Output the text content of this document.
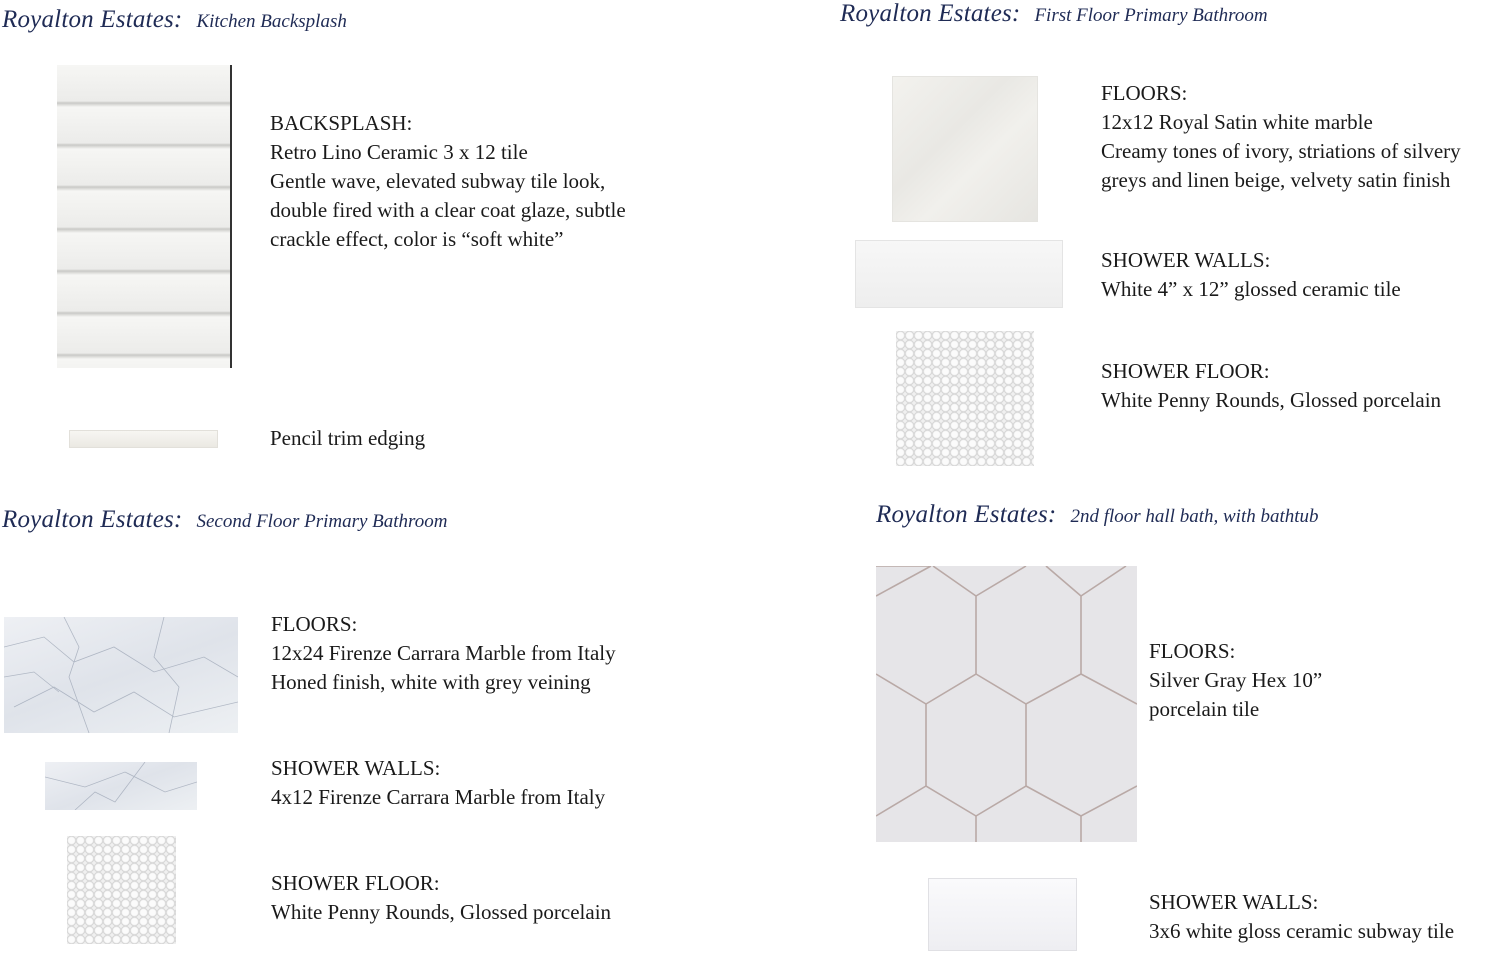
Royalton Estates: Kitchen Backsplash
BACKSPLASH:
Retro Lino Ceramic 3 x 12 tile
Gentle wave, elevated subway tile look,
double fired with a clear coat glaze, subtle
crackle effect, color is “soft white”
Pencil trim edging
Royalton Estates: First Floor Primary Bathroom
FLOORS:
12x12 Royal Satin white marble
Creamy tones of ivory, striations of silvery
greys and linen beige, velvety satin finish
SHOWER WALLS:
White 4” x 12” glossed ceramic tile
SHOWER FLOOR:
White Penny Rounds, Glossed porcelain
Royalton Estates: Second Floor Primary Bathroom
FLOORS:
12x24 Firenze Carrara Marble from Italy
Honed finish, white with grey veining
SHOWER WALLS:
4x12 Firenze Carrara Marble from Italy
SHOWER FLOOR:
White Penny Rounds, Glossed porcelain
Royalton Estates: 2nd floor hall bath, with bathtub
FLOORS:
Silver Gray Hex 10”
porcelain tile
SHOWER WALLS:
3x6 white gloss ceramic subway tile
